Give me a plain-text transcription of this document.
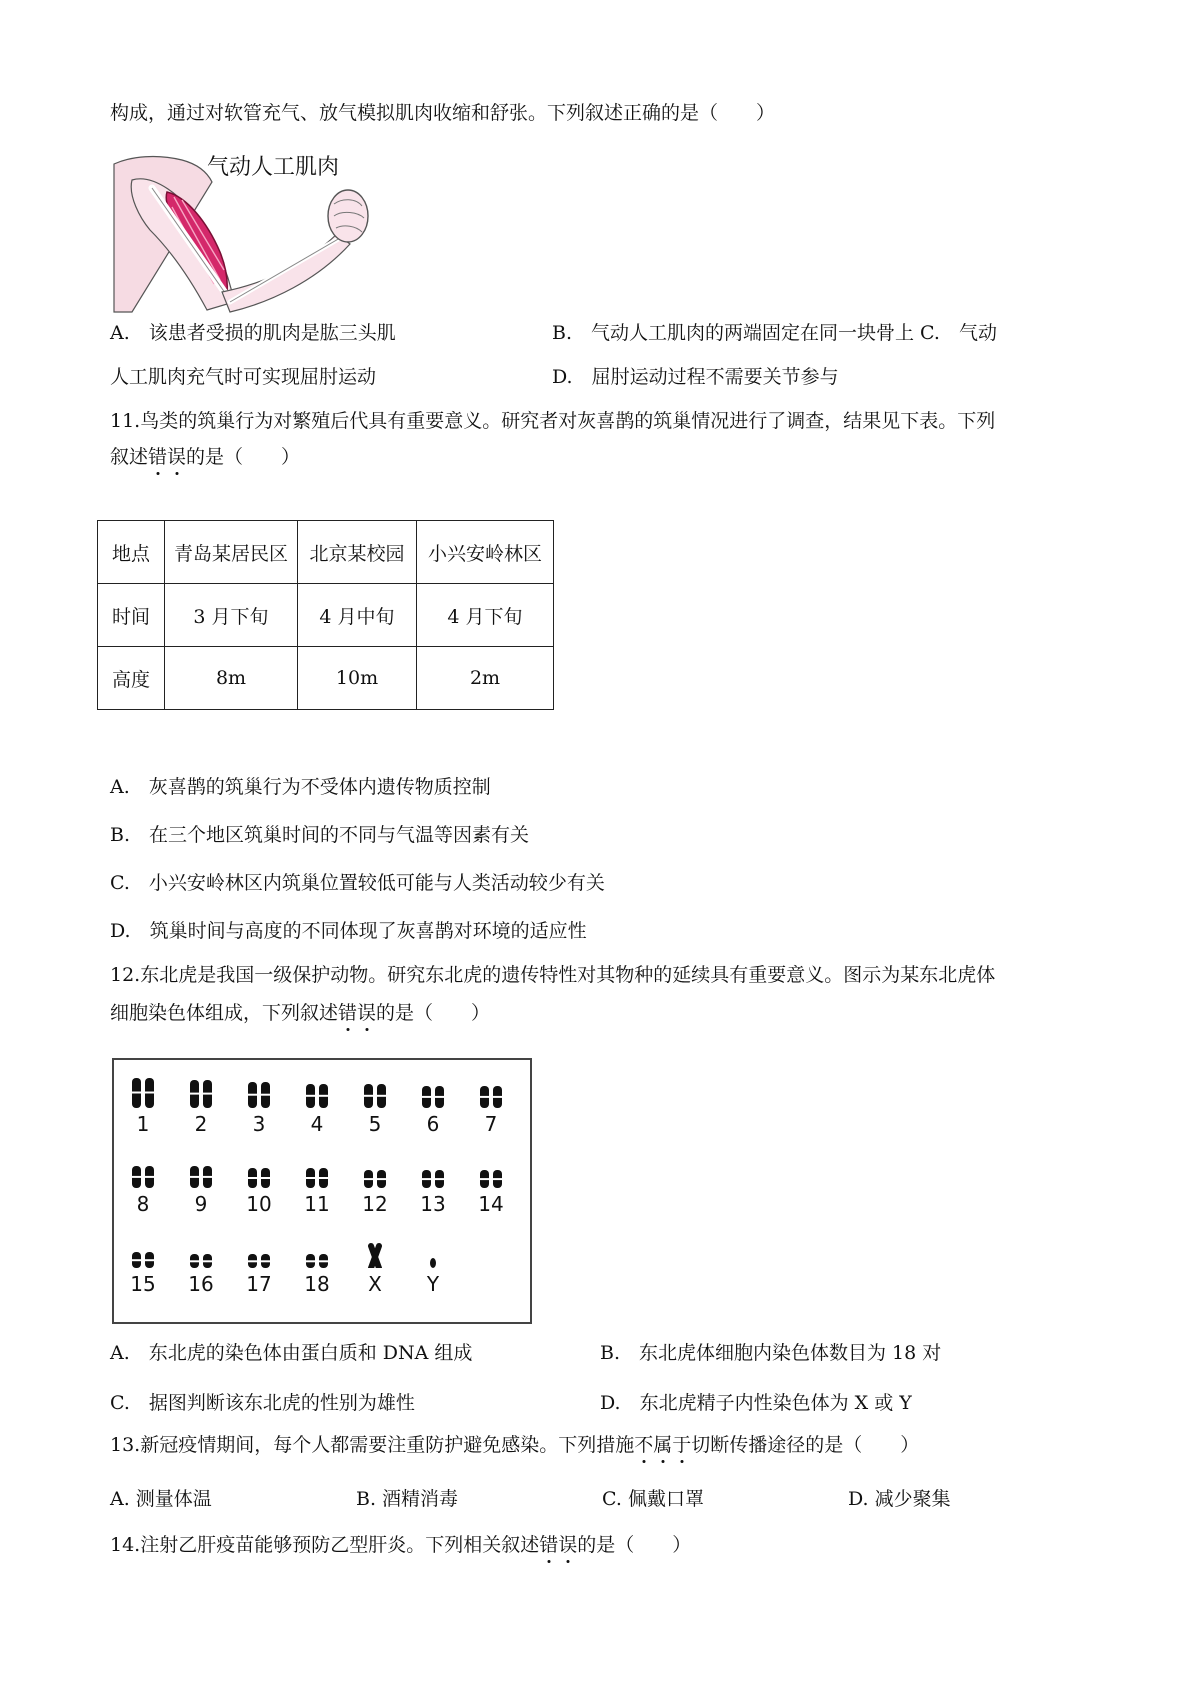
构成，通过对软管充气、放气模拟肌肉收缩和舒张。下列叙述正确的是（　　）
气动人工肌肉
A.　该患者受损的肌肉是肱三头肌	B.　气动人工肌肉的两端固定在同一块骨上 C.　气动
人工肌肉充气时可实现屈肘运动	D.　屈肘运动过程不需要关节参与
11.鸟类的筑巢行为对繁殖后代具有重要意义。研究者对灰喜鹊的筑巢情况进行了调查，结果见下表。下列
叙述错误的是（　　）
地点	青岛某居民区	北京某校园	小兴安岭林区
时间	3 月下旬	4 月中旬	4 月下旬
高度	8m	10m	2m
A.　灰喜鹊的筑巢行为不受体内遗传物质控制
B.　在三个地区筑巢时间的不同与气温等因素有关
C.　小兴安岭林区内筑巢位置较低可能与人类活动较少有关
D.　筑巢时间与高度的不同体现了灰喜鹊对环境的适应性
12.东北虎是我国一级保护动物。研究东北虎的遗传特性对其物种的延续具有重要意义。图示为某东北虎体
细胞染色体组成，下列叙述错误的是（　　）
1	2	3	4	5	6	7
8	9	10	11	12	13	14
15	16	17	18	X	Y
A.　东北虎的染色体由蛋白质和 DNA 组成	B.　东北虎体细胞内染色体数目为 18 对
C.　据图判断该东北虎的性别为雄性	D.　东北虎精子内性染色体为 X 或 Y
13.新冠疫情期间，每个人都需要注重防护避免感染。下列措施不属于切断传播途径的是（　　）
A. 测量体温	B. 酒精消毒	C. 佩戴口罩	D. 减少聚集
14.注射乙肝疫苗能够预防乙型肝炎。下列相关叙述错误的是（　　）
